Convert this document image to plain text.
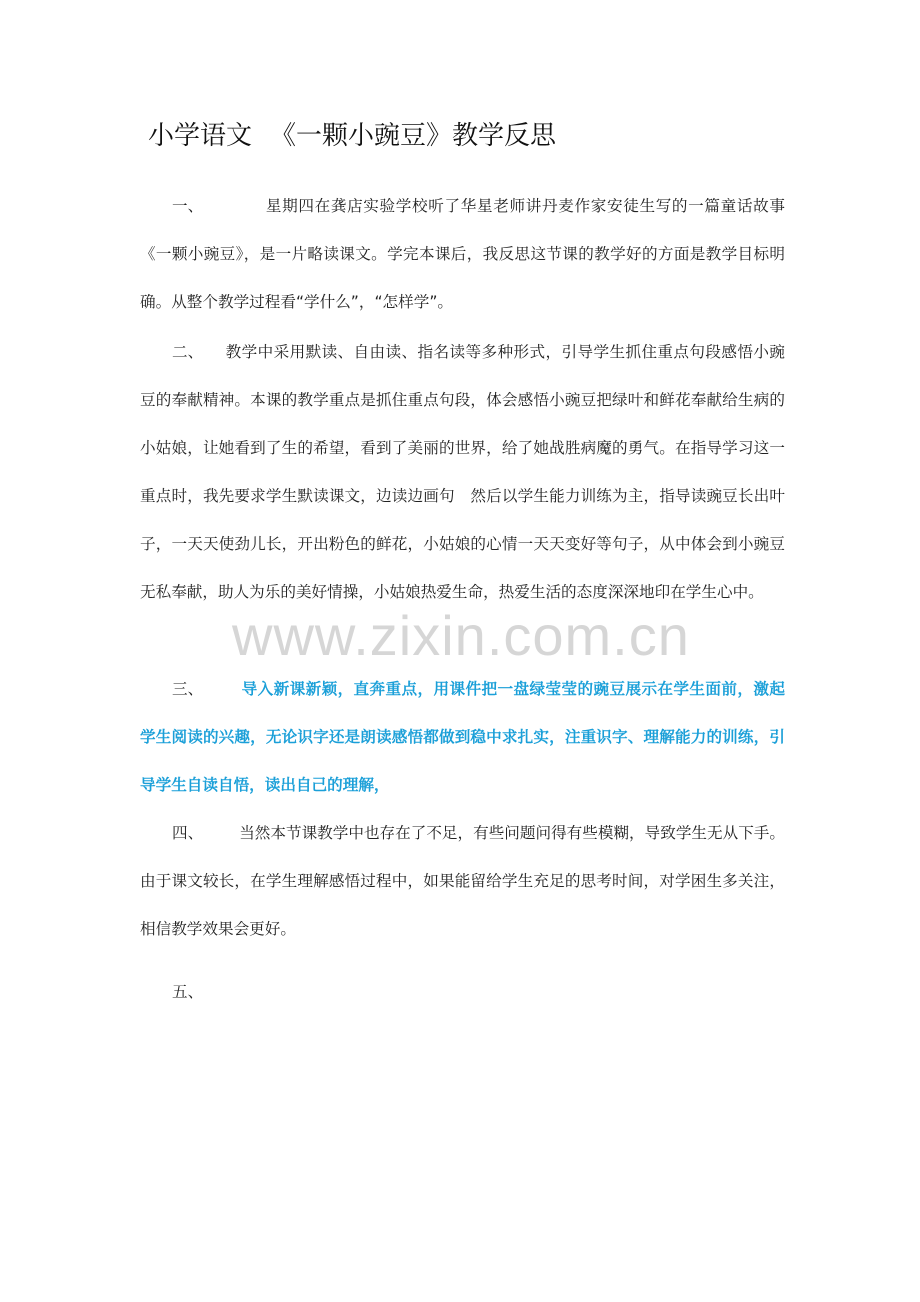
小学语文 《一颗小豌豆》教学反思
www.zixin.com.cn

一、	星期四在龚店实验学校听了华星老师讲丹麦作家安徒生写的一篇童话故事《一颗小豌豆》，是一片略读课文。学完本课后，我反思这节课的教学好的方面是教学目标明确。从整个教学过程看“学什么”，“怎样学”。

二、 教学中采用默读、自由读、指名读等多种形式，引导学生抓住重点句段感悟小豌豆的奉献精神。本课的教学重点是抓住重点句段，体会感悟小豌豆把绿叶和鲜花奉献给生病的小姑娘，让她看到了生的希望，看到了美丽的世界，给了她战胜病魔的勇气。在指导学习这一重点时，我先要求学生默读课文，边读边画句　然后以学生能力训练为主，指导读豌豆长出叶子，一天天使劲儿长，开出粉色的鲜花，小姑娘的心情一天天变好等句子，从中体会到小豌豆无私奉献，助人为乐的美好情操，小姑娘热爱生命，热爱生活的态度深深地印在学生心中。

三、 导入新课新颖，直奔重点，用课件把一盘绿莹莹的豌豆展示在学生面前，激起学生阅读的兴趣，无论识字还是朗读感悟都做到稳中求扎实，注重识字、理解能力的训练，引导学生自读自悟，读出自己的理解，

四、 当然本节课教学中也存在了不足，有些问题问得有些模糊，导致学生无从下手。由于课文较长，在学生理解感悟过程中，如果能留给学生充足的思考时间，对学困生多关注，相信教学效果会更好。

五、
